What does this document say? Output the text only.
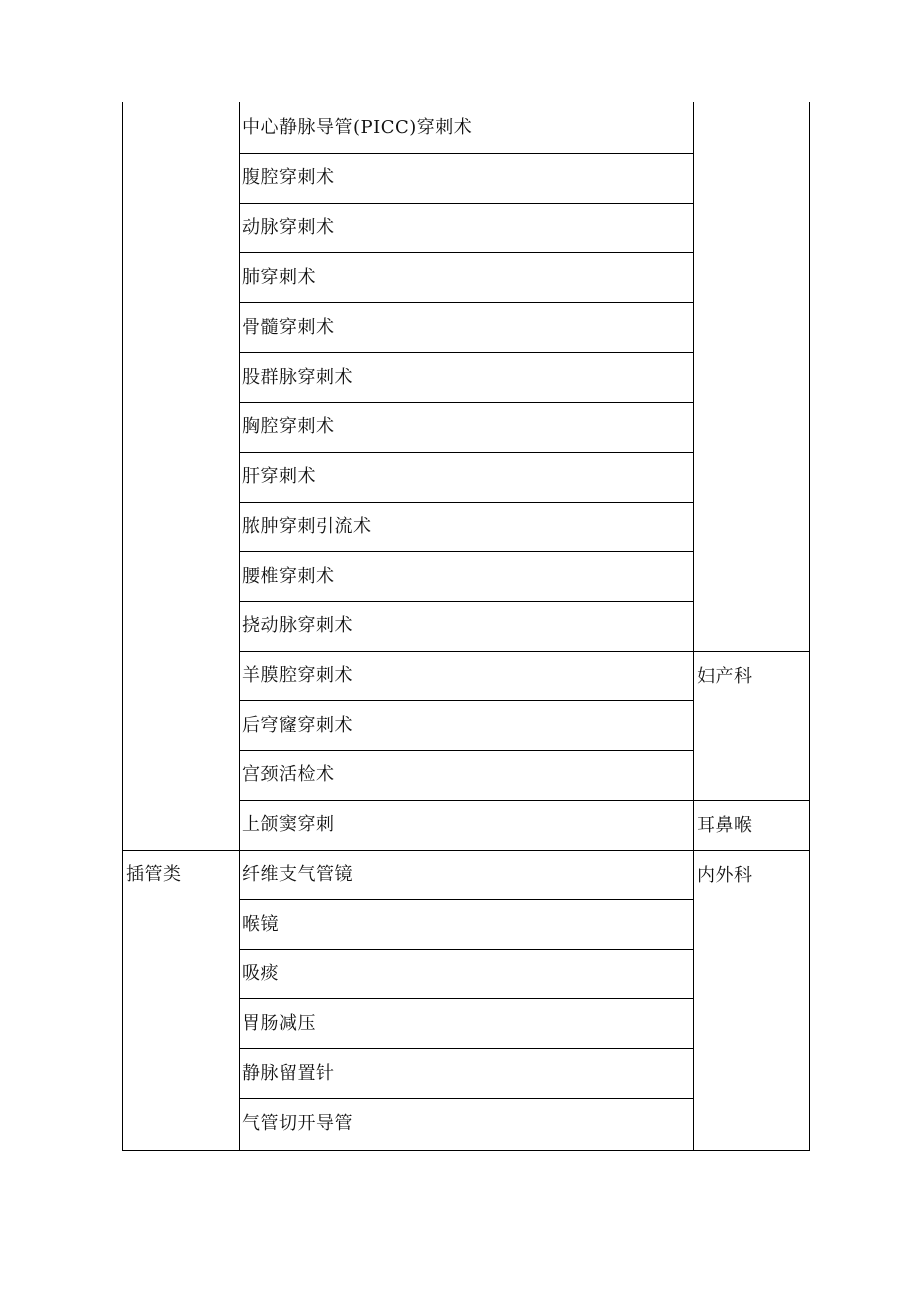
中心静脉导管(PICC)穿刺术
腹腔穿刺术
动脉穿刺术
肺穿刺术
骨髓穿刺术
股群脉穿刺术
胸腔穿刺术
肝穿刺术
脓肿穿刺引流术
腰椎穿刺术
挠动脉穿刺术
羊膜腔穿刺术
后穹窿穿刺术
宫颈活检术
上颌窦穿刺
纤维支气管镜
喉镜
吸痰
胃肠减压
静脉留置针
气管切开导管
插管类
妇产科
耳鼻喉
内外科
